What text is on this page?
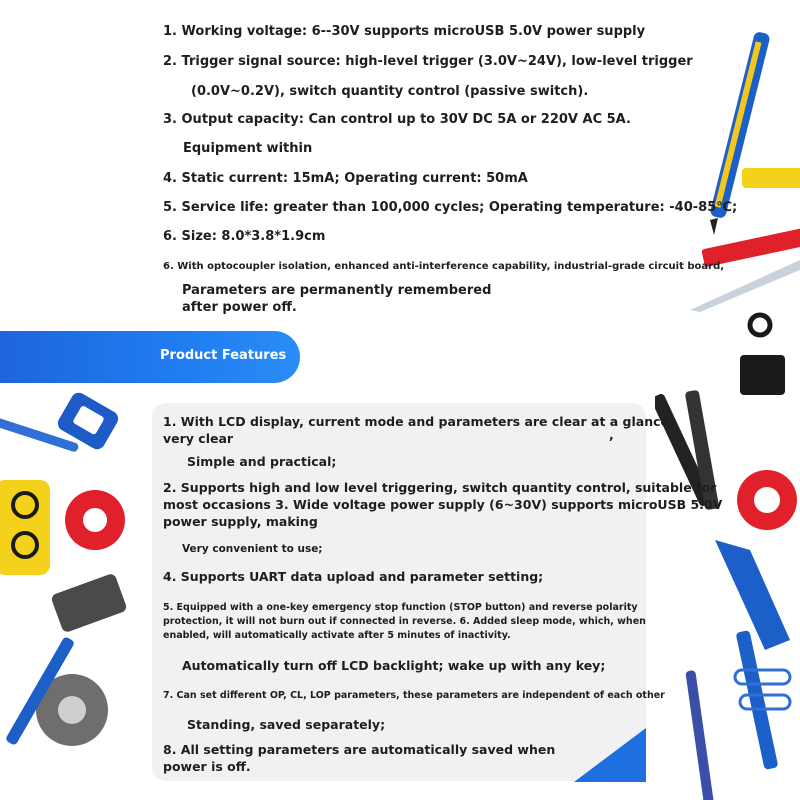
1. Working voltage: 6--30V supports microUSB 5.0V power supply

2. Trigger signal source: high-level trigger (3.0V~24V), low-level trigger

(0.0V~0.2V), switch quantity control (passive switch).

3. Output capacity: Can control up to 30V DC 5A or 220V AC 5A.

Equipment within

4. Static current: 15mA; Operating current: 50mA

5. Service life: greater than 100,000 cycles; Operating temperature: -40-85℃;

6. Size: 8.0*3.8*1.9cm

6. With optocoupler isolation, enhanced anti-interference capability, industrial-grade circuit board,

Parameters are permanently remembered

after power off.

Product Features

1. With LCD display, current mode and parameters are clear at a glance,

very clear	,

Simple and practical;

2. Supports high and low level triggering, switch quantity control, suitable for

most occasions 3. Wide voltage power supply (6~30V) supports microUSB 5.0V

power supply, making

Very convenient to use;

4. Supports UART data upload and parameter setting;

5. Equipped with a one-key emergency stop function (STOP button) and reverse polarity

protection, it will not burn out if connected in reverse. 6. Added sleep mode, which, when

enabled, will automatically activate after 5 minutes of inactivity.

Automatically turn off LCD backlight; wake up with any key;

7. Can set different OP, CL, LOP parameters, these parameters are independent of each other

Standing, saved separately;

8. All setting parameters are automatically saved when

power is off.
